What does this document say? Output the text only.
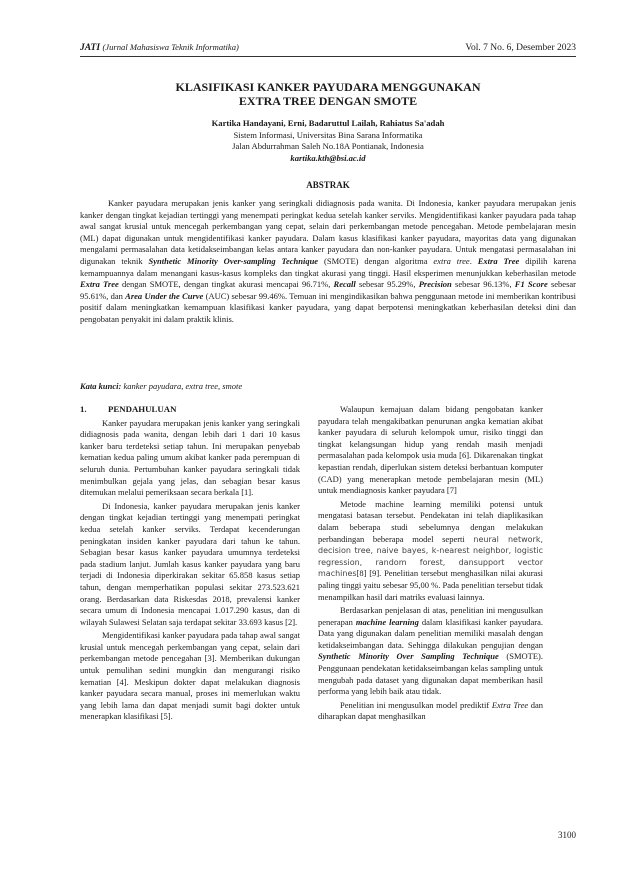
JATI (Jurnal Mahasiswa Teknik Informatika)	Vol. 7 No. 6, Desember 2023
KLASIFIKASI KANKER PAYUDARA MENGGUNAKAN
EXTRA TREE DENGAN SMOTE
Kartika Handayani, Erni, Badaruttul Lailah, Rahiatus Sa'adah
Sistem Informasi, Universitas Bina Sarana Informatika
Jalan Abdurrahman Saleh No.18A Pontianak, Indonesia
kartika.kth@bsi.ac.id
ABSTRAK

Kanker payudara merupakan jenis kanker yang seringkali didiagnosis pada wanita. Di Indonesia, kanker payudara merupakan jenis kanker dengan tingkat kejadian tertinggi yang menempati peringkat kedua setelah kanker serviks. Mengidentifikasi kanker payudara pada tahap awal sangat krusial untuk mencegah perkembangan yang cepat, selain dari perkembangan metode pencegahan. Metode pembelajaran mesin (ML) dapat digunakan untuk mengidentifikasi kanker payudara. Dalam kasus klasifikasi kanker payudara, mayoritas data yang digunakan mengalami permasalahan data ketidakseimbangan kelas antara kanker payudara dan non-kanker payudara. Untuk mengatasi permasalahan ini digunakan teknik Synthetic Minority Over-sampling Technique (SMOTE) dengan algoritma extra tree. Extra Tree dipilih karena kemampuannya dalam menangani kasus-kasus kompleks dan tingkat akurasi yang tinggi. Hasil eksperimen menunjukkan keberhasilan metode Extra Tree dengan SMOTE, dengan tingkat akurasi mencapai 96.71%, Recall sebesar 95.29%, Precision sebesar 96.13%, F1 Score sebesar 95.61%, dan Area Under the Curve (AUC) sebesar 99.46%. Temuan ini mengindikasikan bahwa penggunaan metode ini memberikan kontribusi positif dalam meningkatkan kemampuan klasifikasi kanker payudara, yang dapat berpotensi meningkatkan keberhasilan deteksi dini dan pengobatan penyakit ini dalam praktik klinis.

Kata kunci: kanker payudara, extra tree, smote
1. PENDAHULUAN

Kanker payudara merupakan jenis kanker yang seringkali didiagnosis pada wanita, dengan lebih dari 1 dari 10 kasus kanker baru terdeteksi setiap tahun. Ini merupakan penyebab kematian kedua paling umum akibat kanker pada perempuan di seluruh dunia. Pertumbuhan kanker payudara seringkali tidak menimbulkan gejala yang jelas, dan sebagian besar kasus ditemukan melalui pemeriksaan secara berkala [1].

Di Indonesia, kanker payudara merupakan jenis kanker dengan tingkat kejadian tertinggi yang menempati peringkat kedua setelah kanker serviks. Terdapat kecenderungan peningkatan insiden kanker payudara dari tahun ke tahun. Sebagian besar kasus kanker payudara umumnya terdeteksi pada stadium lanjut. Jumlah kasus kanker payudara yang baru terjadi di Indonesia diperkirakan sekitar 65.858 kasus setiap tahun, dengan memperhatikan populasi sekitar 273.523.621 orang. Berdasarkan data Riskesdas 2018, prevalensi kanker secara umum di Indonesia mencapai 1.017.290 kasus, dan di wilayah Sulawesi Selatan saja terdapat sekitar 33.693 kasus [2].

Mengidentifikasi kanker payudara pada tahap awal sangat krusial untuk mencegah perkembangan yang cepat, selain dari perkembangan metode pencegahan [3]. Memberikan dukungan untuk pemulihan sedini mungkin dan mengurangi risiko kematian [4]. Meskipun dokter dapat melakukan diagnosis kanker payudara secara manual, proses ini memerlukan waktu yang lebih lama dan dapat menjadi sumit bagi dokter untuk menerapkan klasifikasi [5].

Walaupun kemajuan dalam bidang pengobatan kanker payudara telah mengakibatkan penurunan angka kematian akibat kanker payudara di seluruh kelompok umur, risiko tinggi dan tingkat kelangsungan hidup yang rendah masih menjadi permasalahan pada kelompok usia muda [6]. Dikarenakan tingkat kepastian rendah, diperlukan sistem deteksi berbantuan komputer (CAD) yang menerapkan metode pembelajaran mesin (ML) untuk mendiagnosis kanker payudara [7]

Metode machine learning memiliki potensi untuk mengatasi batasan tersebut. Pendekatan ini telah diaplikasikan dalam beberapa studi sebelumnya dengan melakukan perbandingan beberapa model seperti neural network, decision tree, naive bayes, k-nearest neighbor, logistic regression, random forest, dansupport vector machines[8] [9]. Penelitian tersebut menghasilkan nilai akurasi paling tinggi yaitu sebesar 95,00 %. Pada penelitian tersebut tidak menampilkan hasil dari matriks evaluasi lainnya.

Berdasarkan penjelasan di atas, penelitian ini mengusulkan penerapan machine learning dalam klasifikasi kanker payudara. Data yang digunakan dalam penelitian memiliki masalah dengan ketidakseimbangan data. Sehingga dilakukan pengujian dengan Synthetic Minority Over Sampling Technique (SMOTE). Penggunaan pendekatan ketidakseimbangan kelas sampling untuk mengubah pada dataset yang digunakan dapat memberikan hasil performa yang lebih baik atau tidak.

Penelitian ini mengusulkan model prediktif Extra Tree dan diharapkan dapat menghasilkan

3100
